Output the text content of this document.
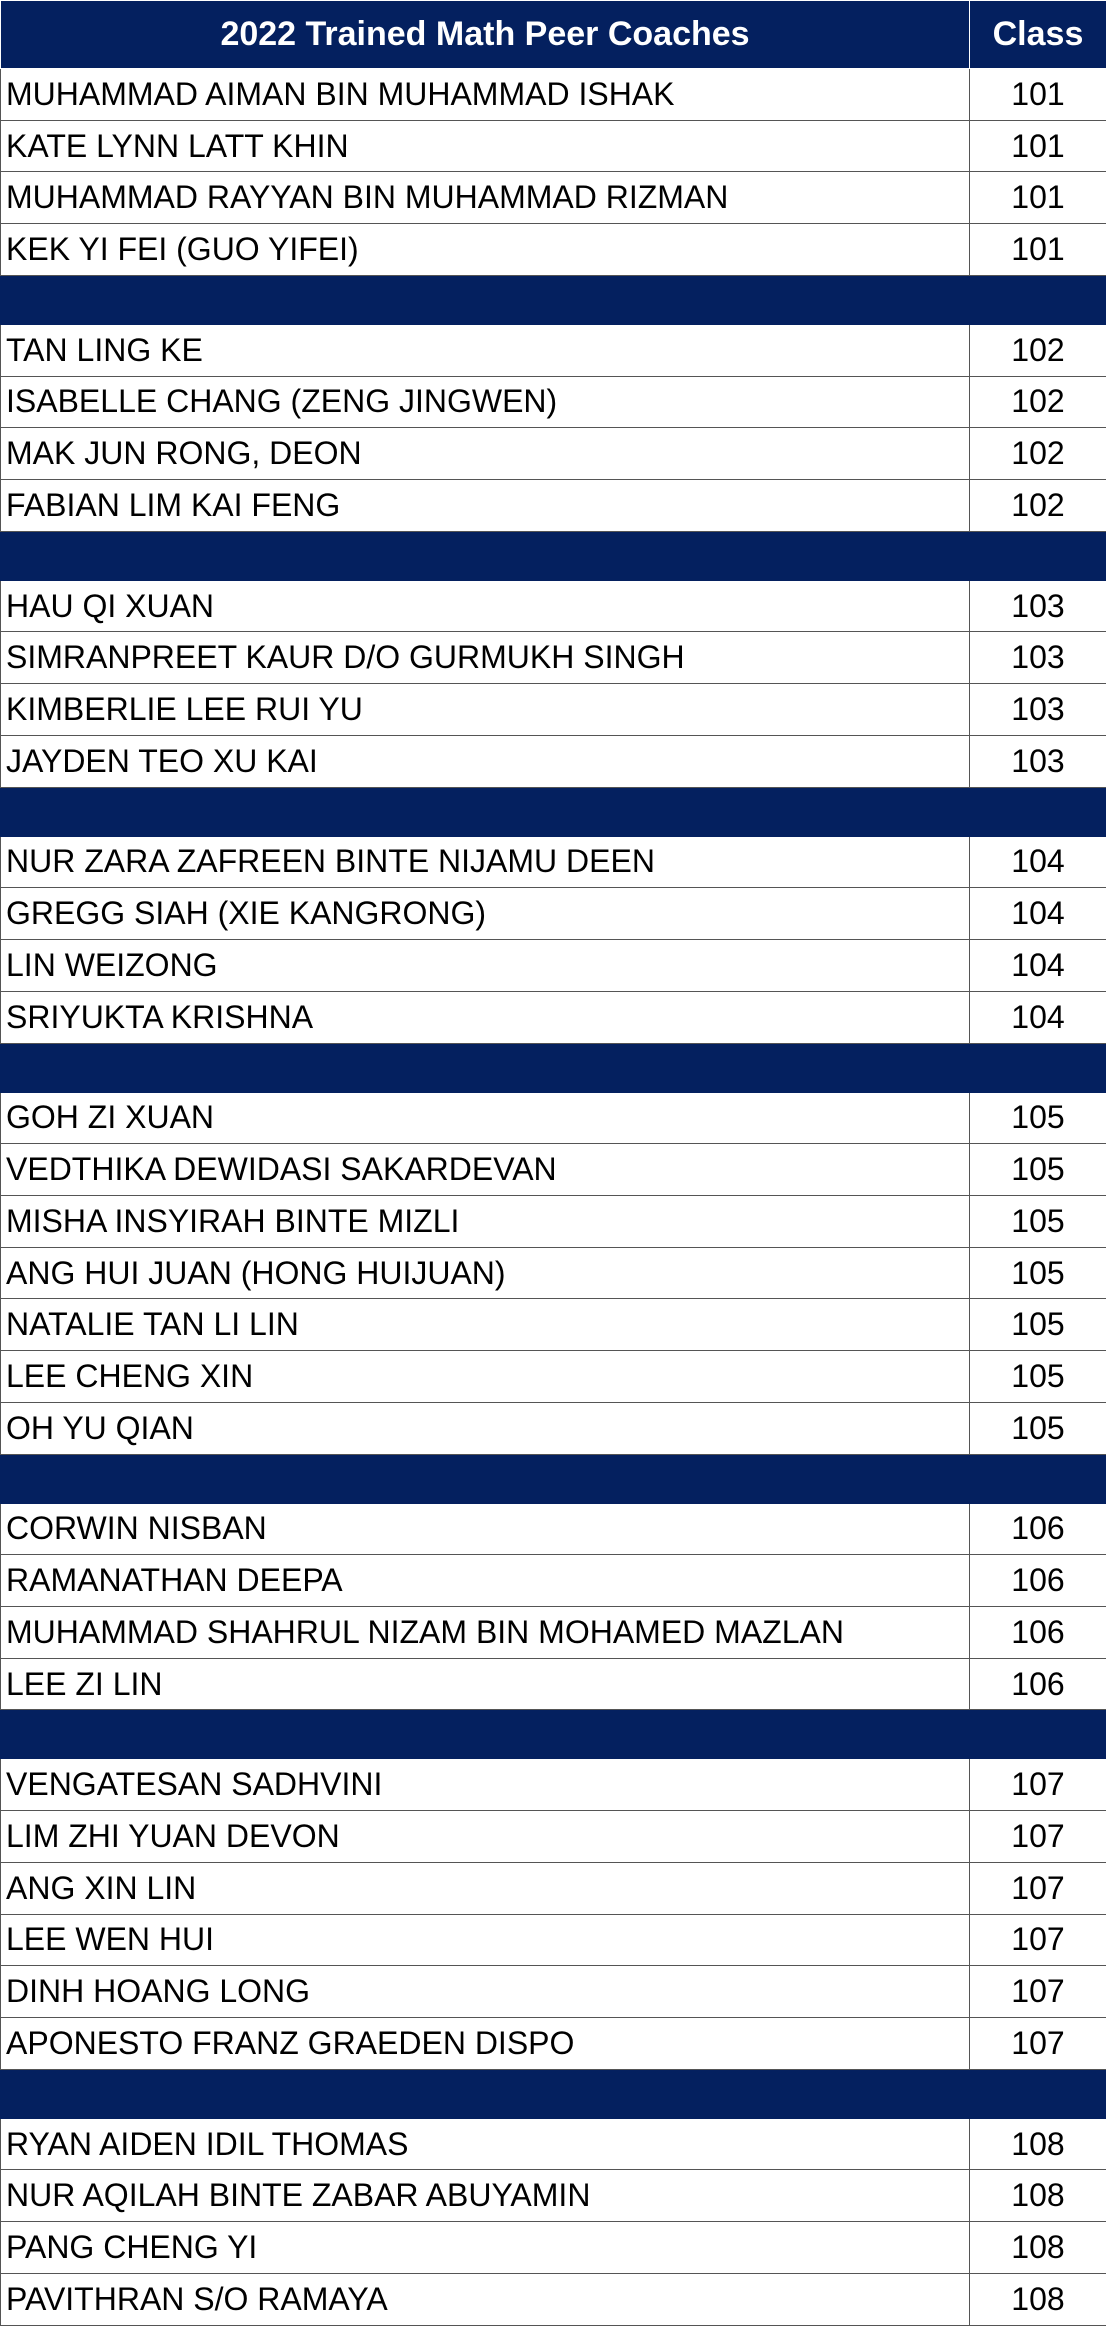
2022 Trained Math Peer Coaches	Class
MUHAMMAD AIMAN BIN MUHAMMAD ISHAK	101
KATE LYNN LATT KHIN	101
MUHAMMAD RAYYAN BIN MUHAMMAD RIZMAN	101
KEK YI FEI (GUO YIFEI)	101

TAN LING KE	102
ISABELLE CHANG (ZENG JINGWEN)	102
MAK JUN RONG, DEON	102
FABIAN LIM KAI FENG	102

HAU QI XUAN	103
SIMRANPREET KAUR D/O GURMUKH SINGH	103
KIMBERLIE LEE RUI YU	103
JAYDEN TEO XU KAI	103

NUR ZARA ZAFREEN BINTE NIJAMU DEEN	104
GREGG SIAH (XIE KANGRONG)	104
LIN WEIZONG	104
SRIYUKTA KRISHNA	104

GOH ZI XUAN	105
VEDTHIKA DEWIDASI SAKARDEVAN	105
MISHA INSYIRAH BINTE MIZLI	105
ANG HUI JUAN (HONG HUIJUAN)	105
NATALIE TAN LI LIN	105
LEE CHENG XIN	105
OH YU QIAN	105

CORWIN NISBAN	106
RAMANATHAN DEEPA	106
MUHAMMAD SHAHRUL NIZAM BIN MOHAMED MAZLAN	106
LEE ZI LIN	106

VENGATESAN SADHVINI	107
LIM ZHI YUAN DEVON	107
ANG XIN LIN	107
LEE WEN HUI	107
DINH HOANG LONG	107
APONESTO FRANZ GRAEDEN DISPO	107

RYAN AIDEN IDIL THOMAS	108
NUR AQILAH BINTE ZABAR ABUYAMIN	108
PANG CHENG YI	108
PAVITHRAN S/O RAMAYA	108
